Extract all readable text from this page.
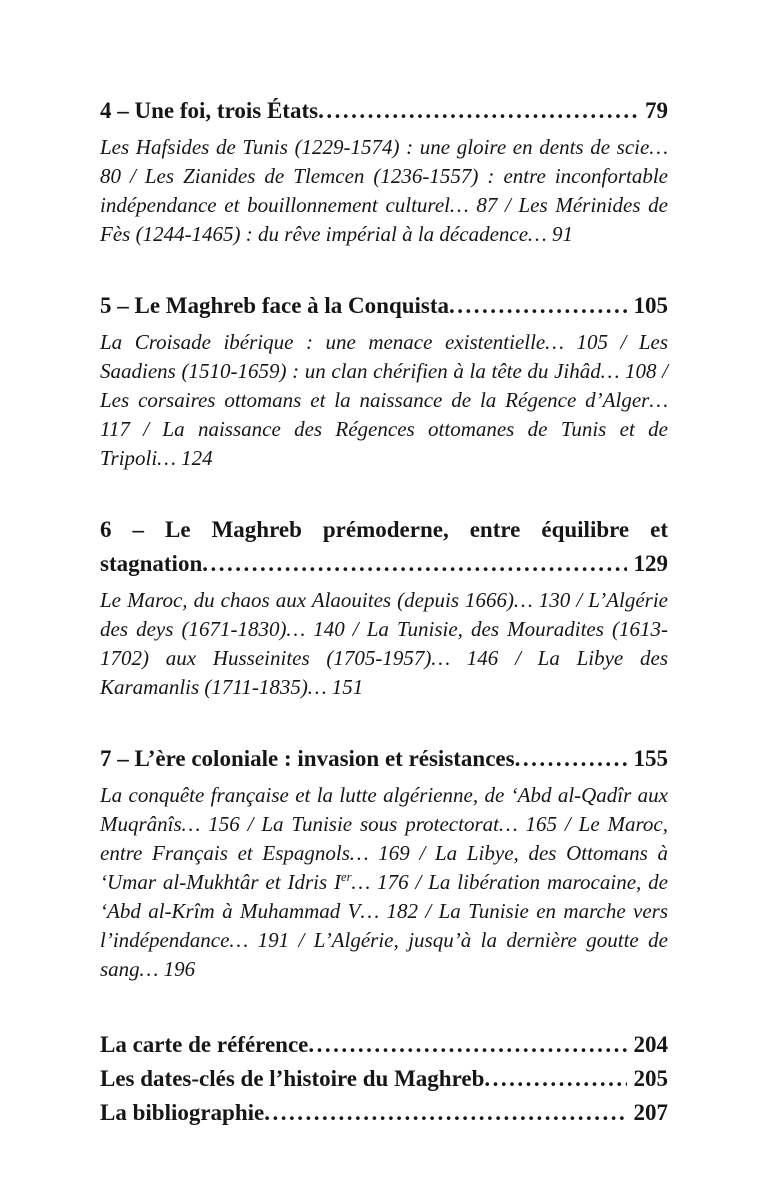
4 – Une foi, trois États .....	79

Les Hafsides de Tunis (1229-1574) : une gloire en dents de scie… 80 / Les Zianides de Tlemcen (1236-1557) : entre inconfortable indépendance et bouillonnement culturel… 87 / Les Mérinides de Fès (1244-1465) : du rêve impérial à la décadence… 91

5 – Le Maghreb face à la Conquista .....	105

La Croisade ibérique : une menace existentielle… 105 / Les Saadiens (1510-1659) : un clan chérifien à la tête du Jihâd… 108 / Les corsaires ottomans et la naissance de la Régence d’Alger… 117 / La naissance des Régences ottomanes de Tunis et de Tripoli… 124

6 – Le Maghreb prémoderne, entre équilibre et
stagnation .....	129

Le Maroc, du chaos aux Alaouites (depuis 1666)… 130 / L’Algérie des deys (1671-1830)… 140 / La Tunisie, des Mouradites (1613-1702) aux Husseinites (1705-1957)… 146 / La Libye des Karamanlis (1711-1835)… 151

7 – L’ère coloniale : invasion et résistances .....	155

La conquête française et la lutte algérienne, de ‘Abd al-Qadîr aux Muqrânîs… 156 / La Tunisie sous protectorat… 165 / Le Maroc, entre Français et Espagnols… 169 / La Libye, des Ottomans à ‘Umar al-Mukhtâr et Idris Ier… 176 / La libération marocaine, de ‘Abd al-Krîm à Muhammad V… 182 / La Tunisie en marche vers l’indépendance… 191 / L’Algérie, jusqu’à la dernière goutte de sang… 196

La carte de référence .....	204
Les dates-clés de l’histoire du Maghreb .....	205
La bibliographie .....	207
